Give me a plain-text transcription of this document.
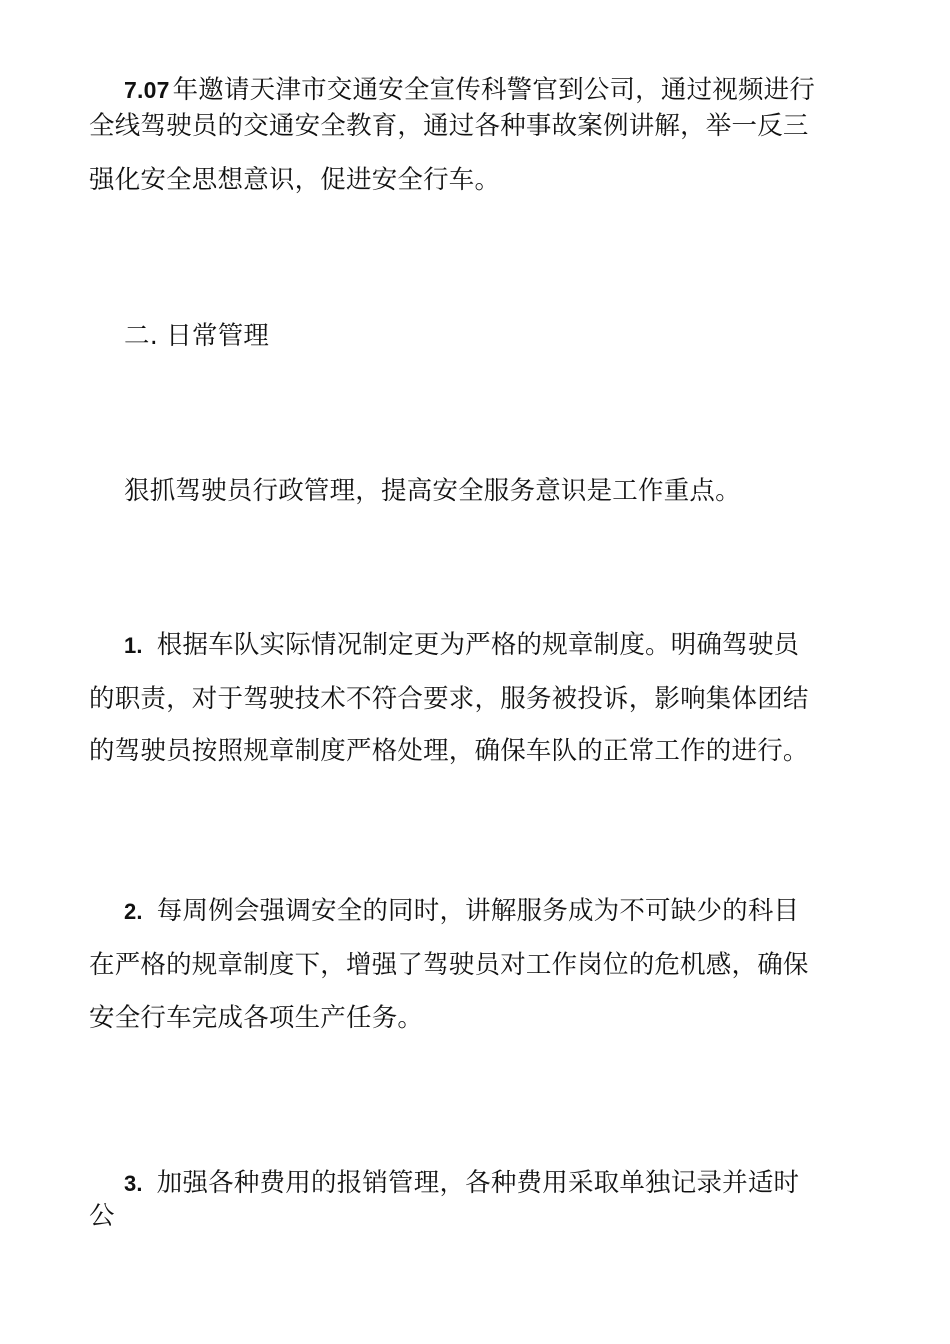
7.07 年邀请天津市交通安全宣传科警官到公司，通过视频进行
全线驾驶员的交通安全教育，通过各种事故案例讲解，举一反三
强化安全思想意识，促进安全行车。
二. 日常管理
狠抓驾驶员行政管理，提高安全服务意识是工作重点。
1. 根据车队实际情况制定更为严格的规章制度。明确驾驶员
的职责，对于驾驶技术不符合要求，服务被投诉，影响集体团结
的驾驶员按照规章制度严格处理，确保车队的正常工作的进行。
2. 每周例会强调安全的同时，讲解服务成为不可缺少的科目
在严格的规章制度下，增强了驾驶员对工作岗位的危机感，确保
安全行车完成各项生产任务。
3. 加强各种费用的报销管理，各种费用采取单独记录并适时
公
